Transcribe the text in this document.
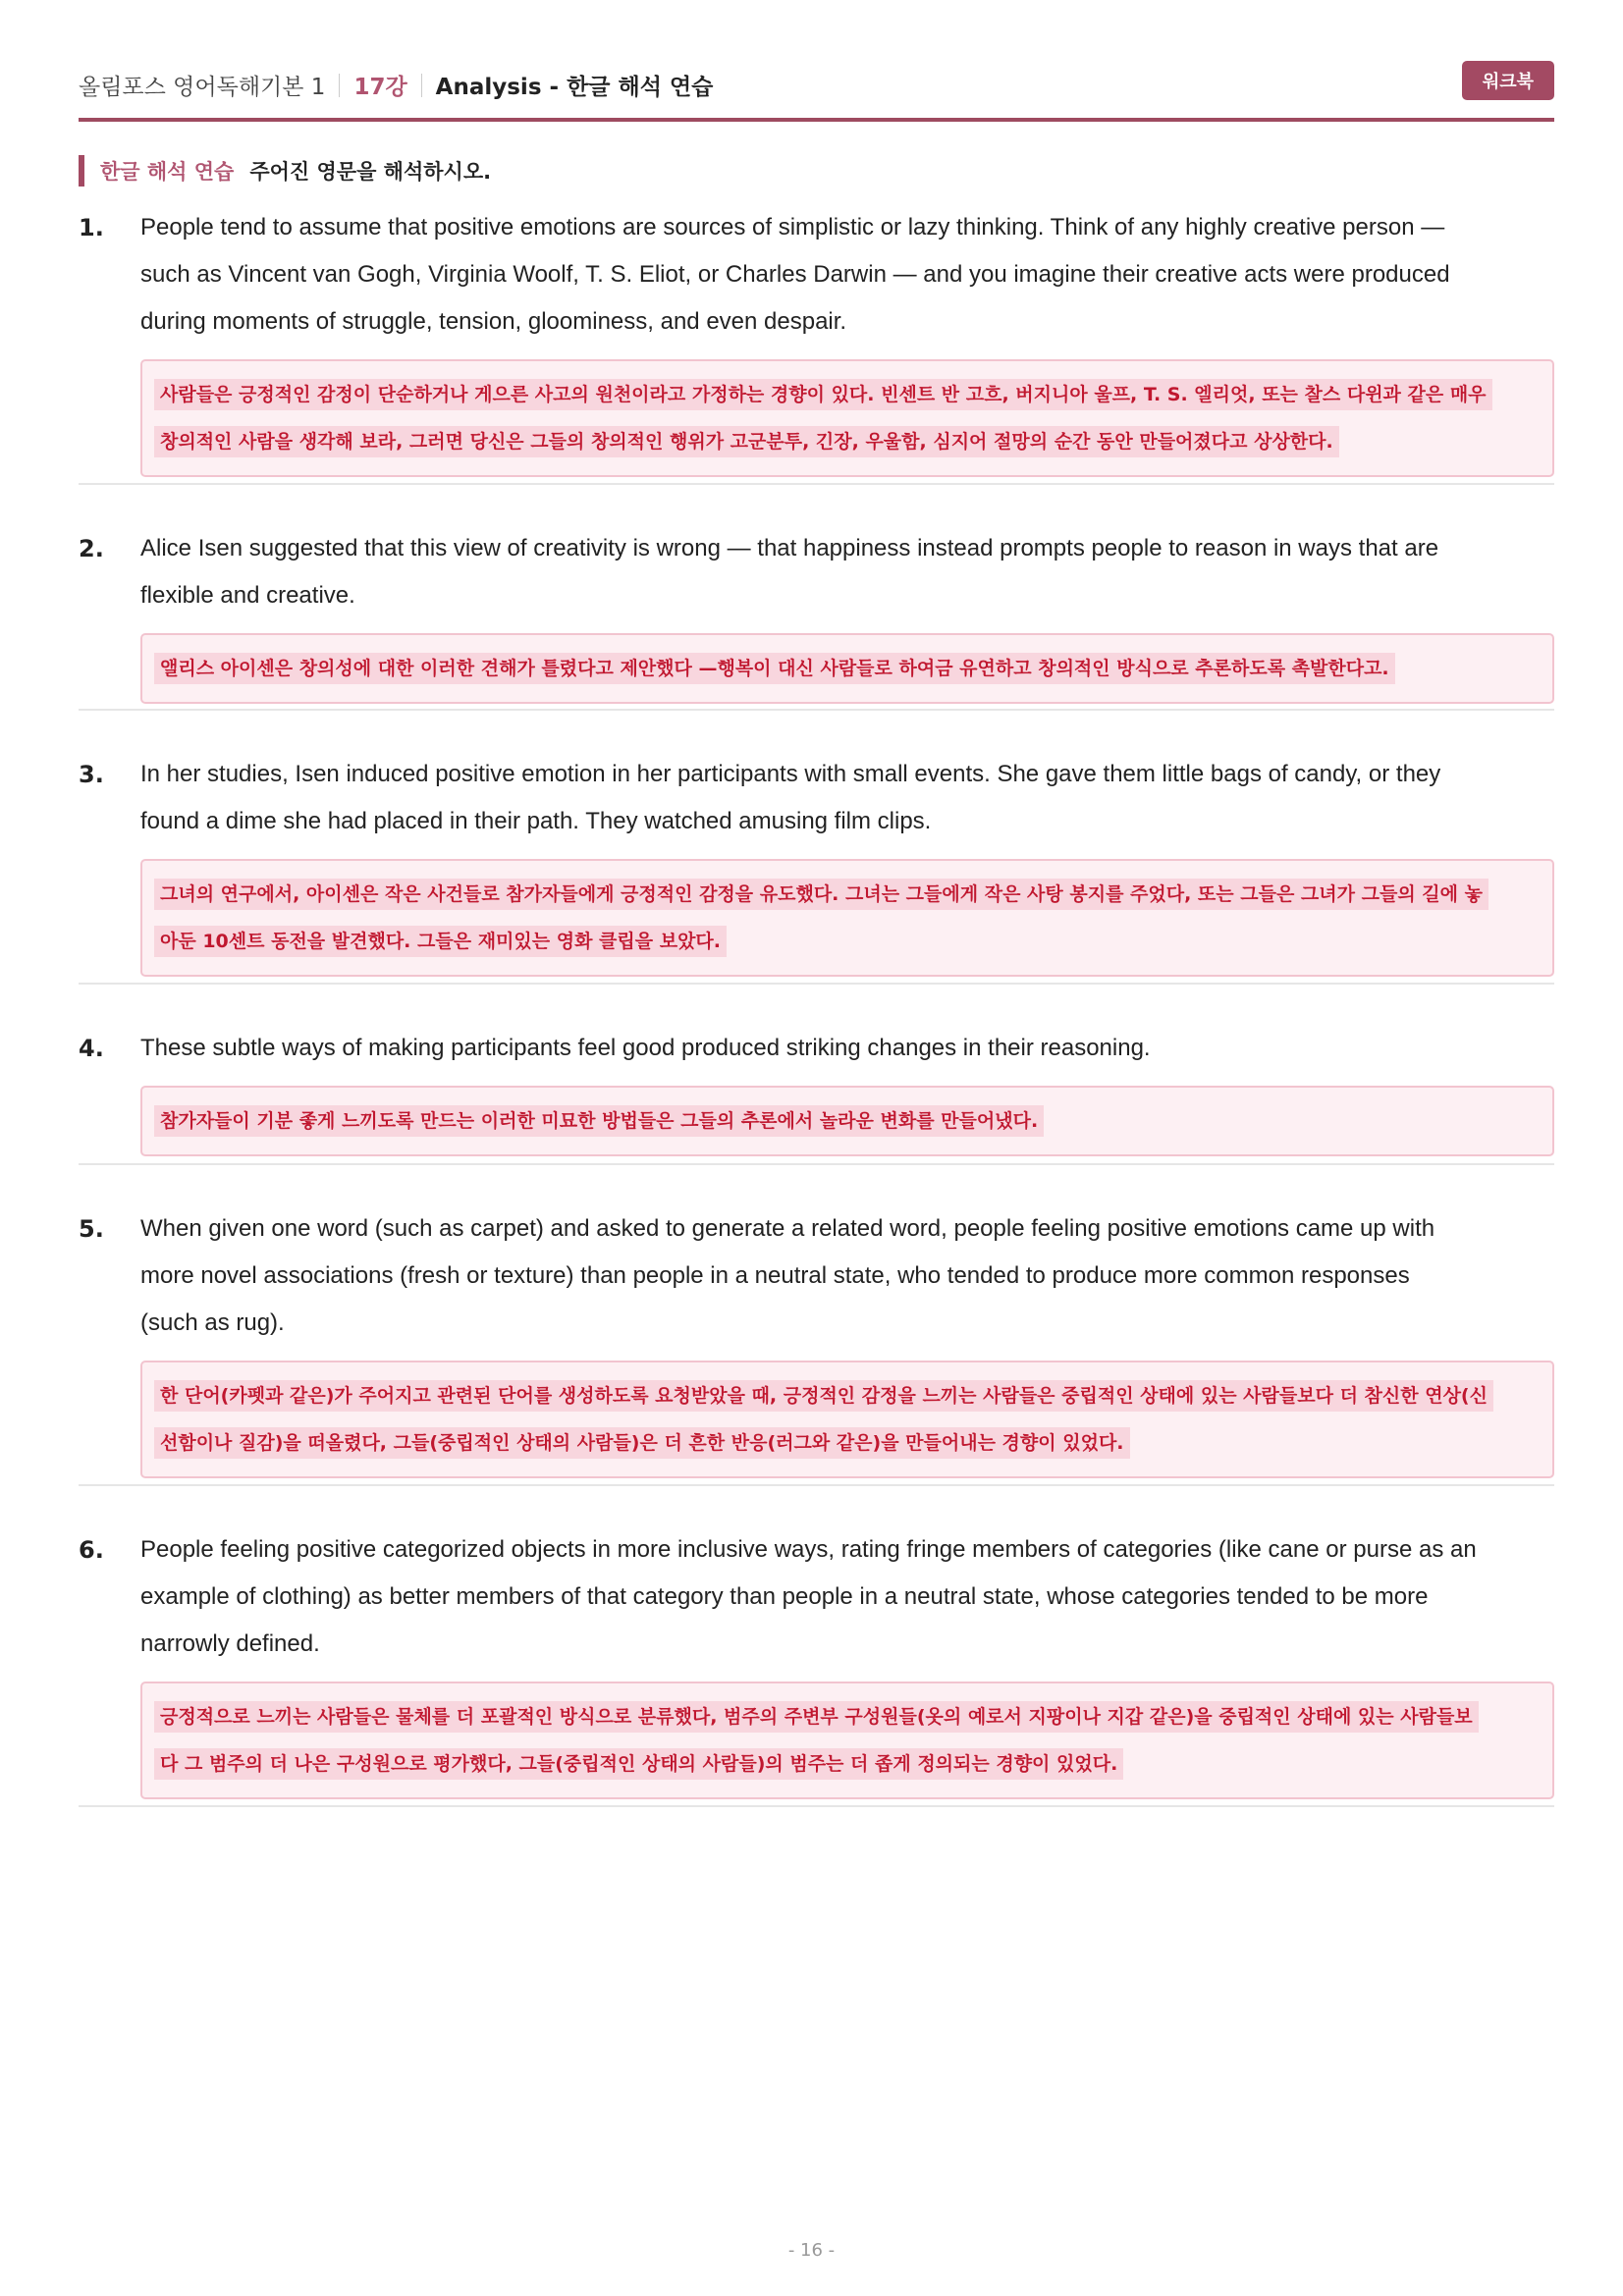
올림포스 영어독해기본 1 17강 Analysis - 한글 해석 연습	워크북
한글 해석 연습 주어진 영문을 해석하시오.
1. People tend to assume that positive emotions are sources of simplistic or lazy thinking. Think of any highly creative person —
such as Vincent van Gogh, Virginia Woolf, T. S. Eliot, or Charles Darwin — and you imagine their creative acts were produced
during moments of struggle, tension, gloominess, and even despair.
사람들은 긍정적인 감정이 단순하거나 게으른 사고의 원천이라고 가정하는 경향이 있다. 빈센트 반 고흐, 버지니아 울프, T. S. 엘리엇, 또는 찰스 다윈과 같은 매우
창의적인 사람을 생각해 보라, 그러면 당신은 그들의 창의적인 행위가 고군분투, 긴장, 우울함, 심지어 절망의 순간 동안 만들어졌다고 상상한다.
2. Alice Isen suggested that this view of creativity is wrong — that happiness instead prompts people to reason in ways that are
flexible and creative.
앨리스 아이센은 창의성에 대한 이러한 견해가 틀렸다고 제안했다 —행복이 대신 사람들로 하여금 유연하고 창의적인 방식으로 추론하도록 촉발한다고.
3. In her studies, Isen induced positive emotion in her participants with small events. She gave them little bags of candy, or they
found a dime she had placed in their path. They watched amusing film clips.
그녀의 연구에서, 아이센은 작은 사건들로 참가자들에게 긍정적인 감정을 유도했다. 그녀는 그들에게 작은 사탕 봉지를 주었다, 또는 그들은 그녀가 그들의 길에 놓
아둔 10센트 동전을 발견했다. 그들은 재미있는 영화 클립을 보았다.
4. These subtle ways of making participants feel good produced striking changes in their reasoning.
참가자들이 기분 좋게 느끼도록 만드는 이러한 미묘한 방법들은 그들의 추론에서 놀라운 변화를 만들어냈다.
5. When given one word (such as carpet) and asked to generate a related word, people feeling positive emotions came up with
more novel associations (fresh or texture) than people in a neutral state, who tended to produce more common responses
(such as rug).
한 단어(카펫과 같은)가 주어지고 관련된 단어를 생성하도록 요청받았을 때, 긍정적인 감정을 느끼는 사람들은 중립적인 상태에 있는 사람들보다 더 참신한 연상(신
선함이나 질감)을 떠올렸다, 그들(중립적인 상태의 사람들)은 더 흔한 반응(러그와 같은)을 만들어내는 경향이 있었다.
6. People feeling positive categorized objects in more inclusive ways, rating fringe members of categories (like cane or purse as an
example of clothing) as better members of that category than people in a neutral state, whose categories tended to be more
narrowly defined.
긍정적으로 느끼는 사람들은 물체를 더 포괄적인 방식으로 분류했다, 범주의 주변부 구성원들(옷의 예로서 지팡이나 지갑 같은)을 중립적인 상태에 있는 사람들보
다 그 범주의 더 나은 구성원으로 평가했다, 그들(중립적인 상태의 사람들)의 범주는 더 좁게 정의되는 경향이 있었다.
- 16 -
